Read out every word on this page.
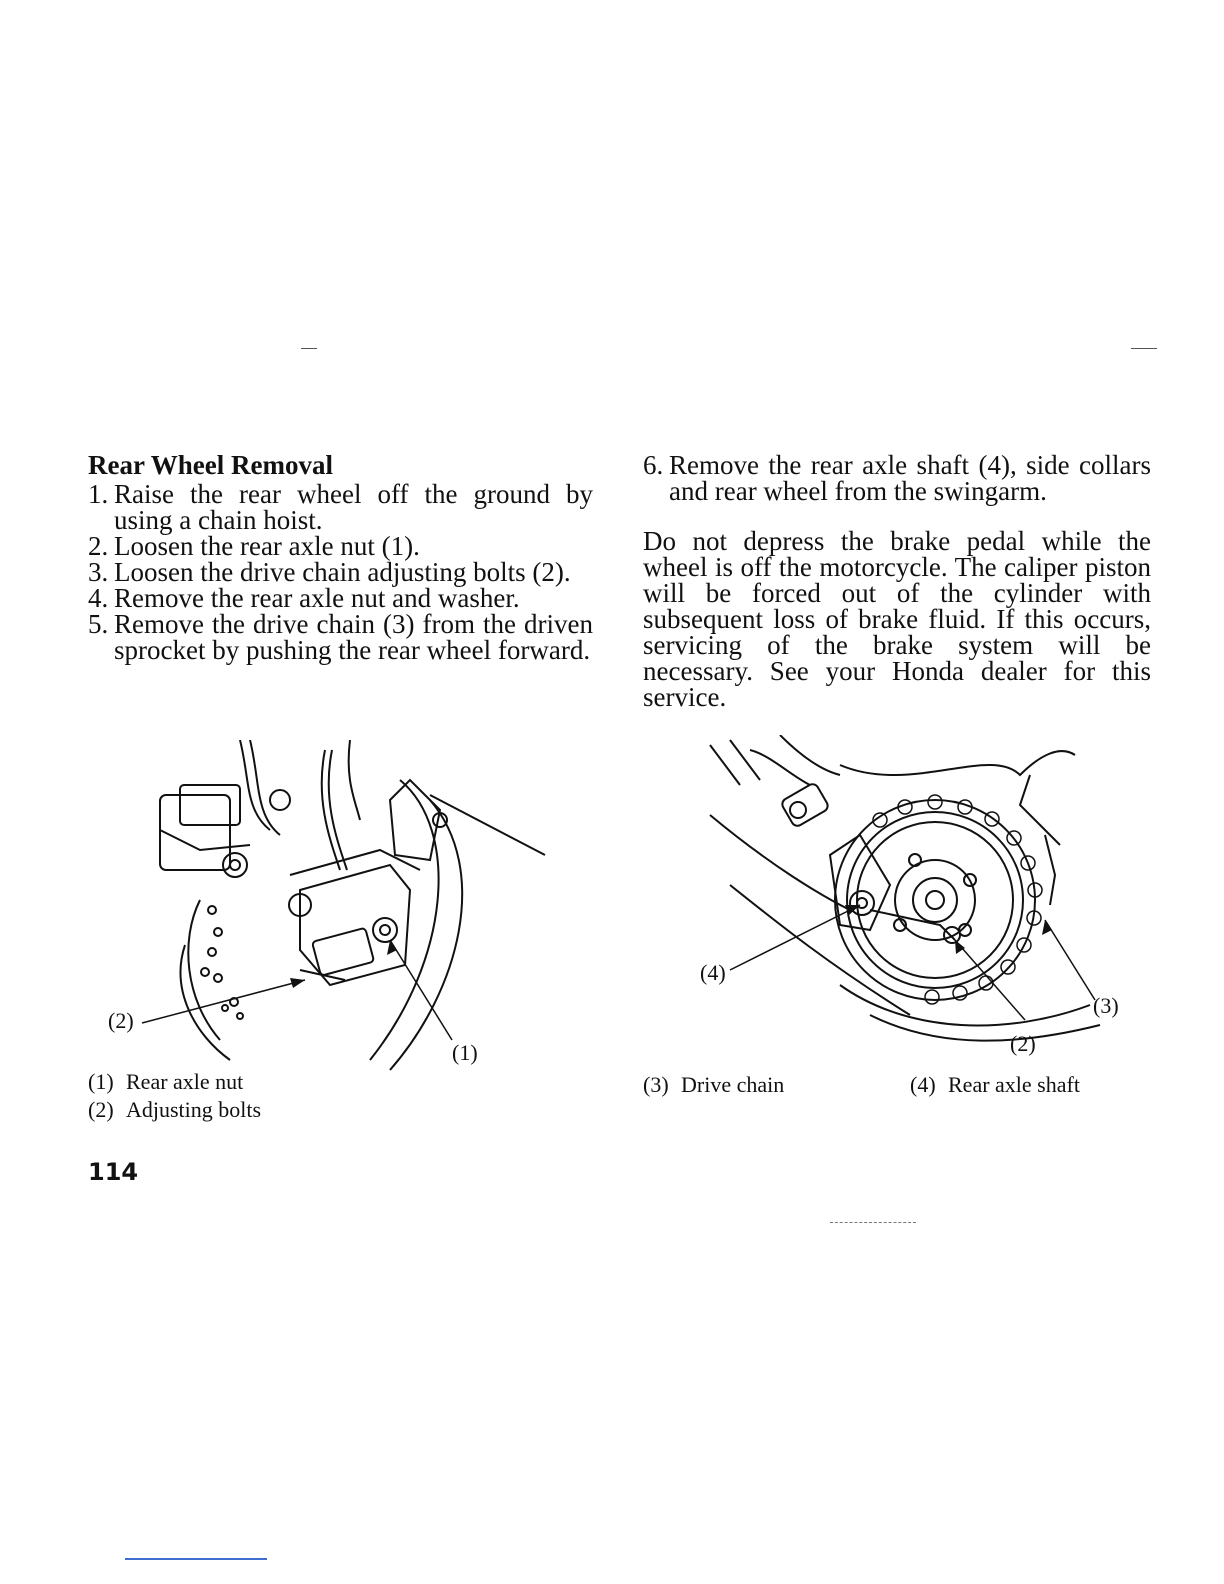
Rear Wheel Removal
1. Raise the rear wheel off the ground by using a chain hoist.
2. Loosen the rear axle nut (1).
3. Loosen the drive chain adjusting bolts (2).
4. Remove the rear axle nut and washer.
5. Remove the drive chain (3) from the driven sprocket by pushing the rear wheel forward.
6. Remove the rear axle shaft (4), side collars and rear wheel from the swingarm.
Do not depress the brake pedal while the wheel is off the motorcycle. The caliper piston will be forced out of the cylinder with subsequent loss of brake fluid. If this occurs, servicing of the brake system will be necessary. See your Honda dealer for this service.
(2)
(1)
(1) Rear axle nut
(2) Adjusting bolts
(4)
(3)
(2)
(3) Drive chain	(4) Rear axle shaft
114
